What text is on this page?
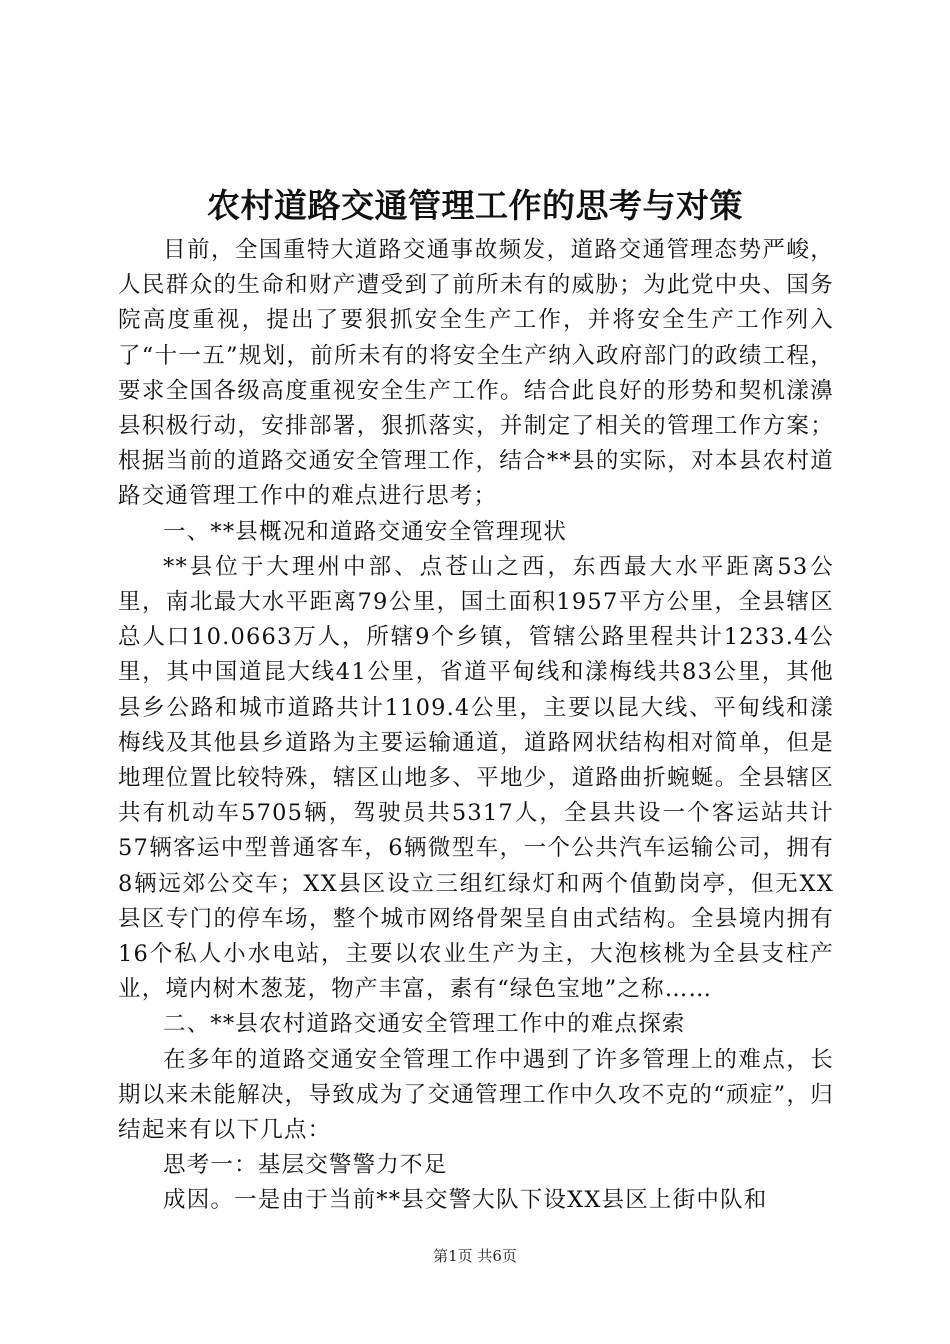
农村道路交通管理工作的思考与对策

目前，全国重特大道路交通事故频发，道路交通管理态势严峻，人民群众的生命和财产遭受到了前所未有的威胁；为此党中央、国务院高度重视，提出了要狠抓安全生产工作，并将安全生产工作列入了“十一五”规划，前所未有的将安全生产纳入政府部门的政绩工程，要求全国各级高度重视安全生产工作。结合此良好的形势和契机漾濞县积极行动，安排部署，狠抓落实，并制定了相关的管理工作方案；根据当前的道路交通安全管理工作，结合**县的实际，对本县农村道路交通管理工作中的难点进行思考；

一、**县概况和道路交通安全管理现状

**县位于大理州中部、点苍山之西，东西最大水平距离53公里，南北最大水平距离79公里，国土面积1957平方公里，全县辖区总人口10.0663万人，所辖9个乡镇，管辖公路里程共计1233.4公里，其中国道昆大线41公里，省道平甸线和漾梅线共83公里，其他县乡公路和城市道路共计1109.4公里，主要以昆大线、平甸线和漾梅线及其他县乡道路为主要运输通道，道路网状结构相对简单，但是地理位置比较特殊，辖区山地多、平地少，道路曲折蜿蜒。全县辖区共有机动车5705辆，驾驶员共5317人，全县共设一个客运站共计57辆客运中型普通客车，6辆微型车，一个公共汽车运输公司，拥有8辆远郊公交车；XX县区设立三组红绿灯和两个值勤岗亭，但无XX县区专门的停车场，整个城市网络骨架呈自由式结构。全县境内拥有16个私人小水电站，主要以农业生产为主，大泡核桃为全县支柱产业，境内树木葱茏，物产丰富，素有“绿色宝地”之称……

二、**县农村道路交通安全管理工作中的难点探索

在多年的道路交通安全管理工作中遇到了许多管理上的难点，长期以来未能解决，导致成为了交通管理工作中久攻不克的“顽症”，归结起来有以下几点：

思考一：基层交警警力不足

成因。一是由于当前**县交警大队下设XX县区上街中队和

第1页 共6页
